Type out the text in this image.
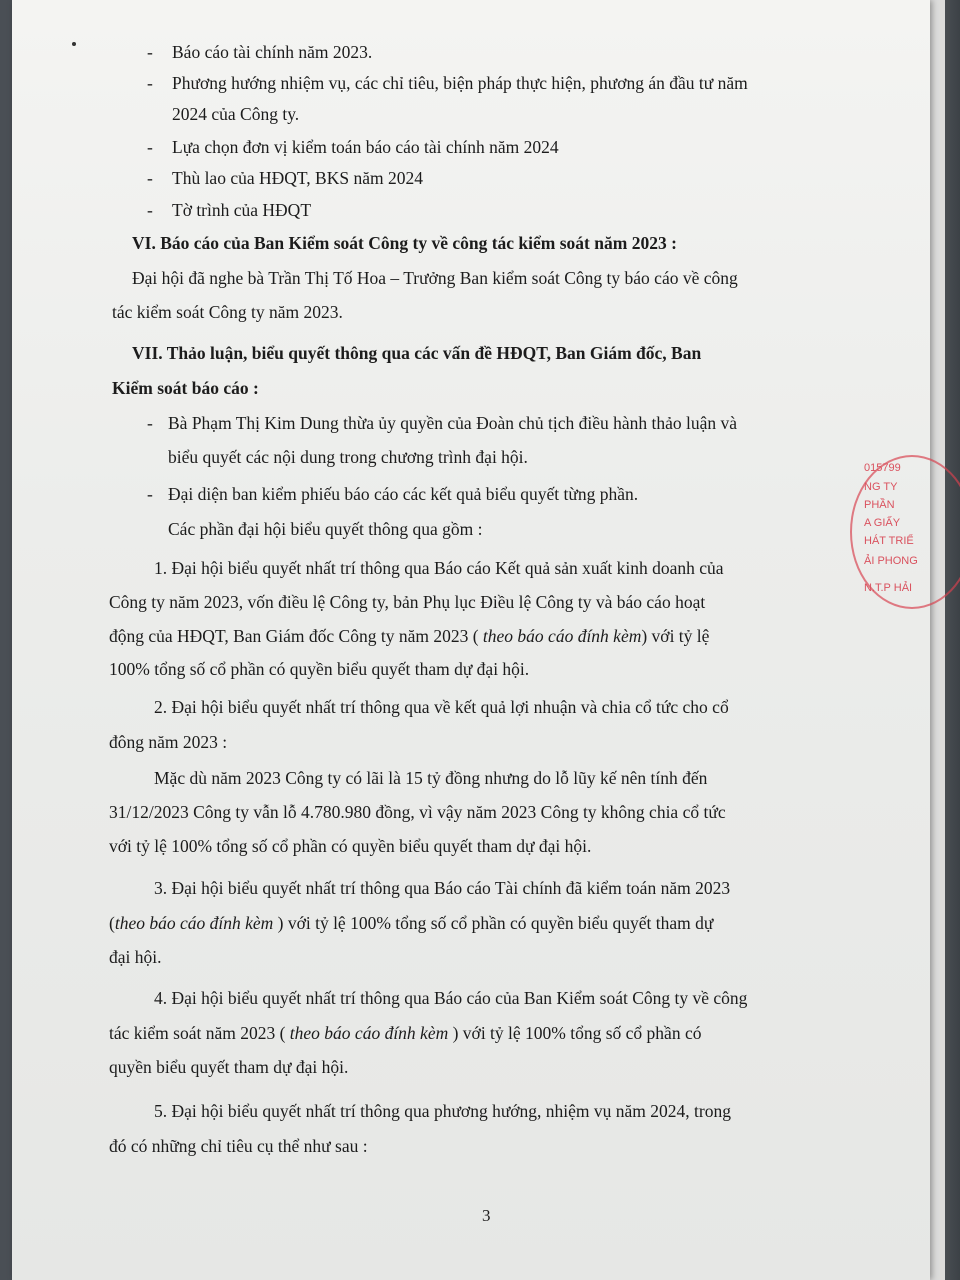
- Báo cáo tài chính năm 2023.
- Phương hướng nhiệm vụ, các chỉ tiêu, biện pháp thực hiện, phương án đầu tư năm
2024 của Công ty.
- Lựa chọn đơn vị kiểm toán báo cáo tài chính năm 2024
- Thù lao của HĐQT, BKS năm 2024
- Tờ trình của HĐQT
VI. Báo cáo của Ban Kiểm soát Công ty về công tác kiểm soát năm 2023 :
Đại hội đã nghe bà Trần Thị Tố Hoa – Trưởng Ban kiểm soát Công ty báo cáo về công
tác kiểm soát Công ty năm 2023.
VII. Thảo luận, biểu quyết thông qua các vấn đề HĐQT, Ban Giám đốc, Ban
Kiểm soát báo cáo :
- Bà Phạm Thị Kim Dung thừa ủy quyền của Đoàn chủ tịch điều hành thảo luận và
biểu quyết các nội dung trong chương trình đại hội.
- Đại diện ban kiểm phiếu báo cáo các kết quả biểu quyết từng phần.
Các phần đại hội biểu quyết thông qua gồm :
1. Đại hội biểu quyết nhất trí thông qua Báo cáo Kết quả sản xuất kinh doanh của
Công ty năm 2023, vốn điều lệ Công ty, bản Phụ lục Điều lệ Công ty và báo cáo hoạt
động của HĐQT, Ban Giám đốc Công ty năm 2023 ( theo báo cáo đính kèm) với tỷ lệ
100% tổng số cổ phần có quyền biểu quyết tham dự đại hội.
2. Đại hội biểu quyết nhất trí thông qua về kết quả lợi nhuận và chia cổ tức cho cổ
đông năm 2023 :
Mặc dù năm 2023 Công ty có lãi là 15 tỷ đồng nhưng do lỗ lũy kế nên tính đến
31/12/2023 Công ty vẫn lỗ 4.780.980 đồng, vì vậy năm 2023 Công ty không chia cổ tức
với tỷ lệ 100% tổng số cổ phần có quyền biểu quyết tham dự đại hội.
3. Đại hội biểu quyết nhất trí thông qua Báo cáo Tài chính đã kiểm toán năm 2023
(theo báo cáo đính kèm ) với tỷ lệ 100% tổng số cổ phần có quyền biểu quyết tham dự
đại hội.
4. Đại hội biểu quyết nhất trí thông qua Báo cáo của Ban Kiểm soát Công ty về công
tác kiểm soát năm 2023 ( theo báo cáo đính kèm ) với tỷ lệ 100% tổng số cổ phần có
quyền biểu quyết tham dự đại hội.
5. Đại hội biểu quyết nhất trí thông qua phương hướng, nhiệm vụ năm 2024, trong
đó có những chỉ tiêu cụ thể như sau :
3
015799
NG TY
PHẦN
A GIẤY
HÁT TRIỂ
ẢI PHONG
N.T.P HẢI
